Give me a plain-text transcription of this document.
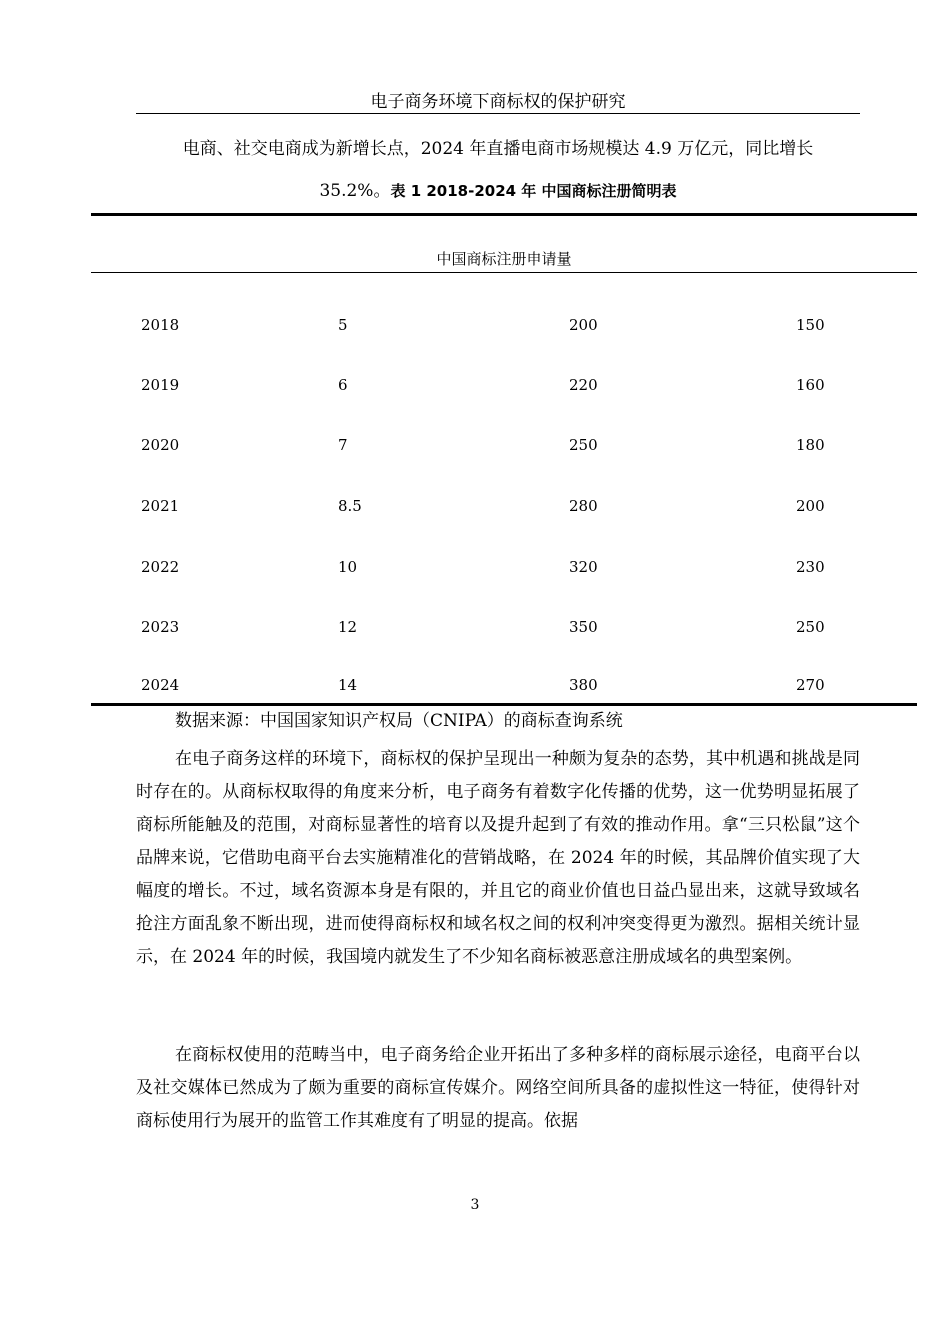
电子商务环境下商标权的保护研究
电商、社交电商成为新增长点，2024 年直播电商市场规模达 4.9 万亿元，同比增长
35.2%。表 1 2018-2024 年 中国商标注册简明表
中国商标注册申请量
2018	5	200	150
2019	6	220	160
2020	7	250	180
2021	8.5	280	200
2022	10	320	230
2023	12	350	250
2024	14	380	270
数据来源：中国国家知识产权局（CNIPA）的商标查询系统

在电子商务这样的环境下，商标权的保护呈现出一种颇为复杂的态势，其中机遇和挑战是同时存在的。从商标权取得的角度来分析，电子商务有着数字化传播的优势，这一优势明显拓展了商标所能触及的范围，对商标显著性的培育以及提升起到了有效的推动作用。拿“三只松鼠”这个品牌来说，它借助电商平台去实施精准化的营销战略，在 2024 年的时候，其品牌价值实现了大幅度的增长。不过，域名资源本身是有限的，并且它的商业价值也日益凸显出来，这就导致域名抢注方面乱象不断出现，进而使得商标权和域名权之间的权利冲突变得更为激烈。据相关统计显示，在 2024 年的时候，我国境内就发生了不少知名商标被恶意注册成域名的典型案例。

在商标权使用的范畴当中，电子商务给企业开拓出了多种多样的商标展示途径，电商平台以及社交媒体已然成为了颇为重要的商标宣传媒介。网络空间所具备的虚拟性这一特征，使得针对商标使用行为展开的监管工作其难度有了明显的提高。依据

3
